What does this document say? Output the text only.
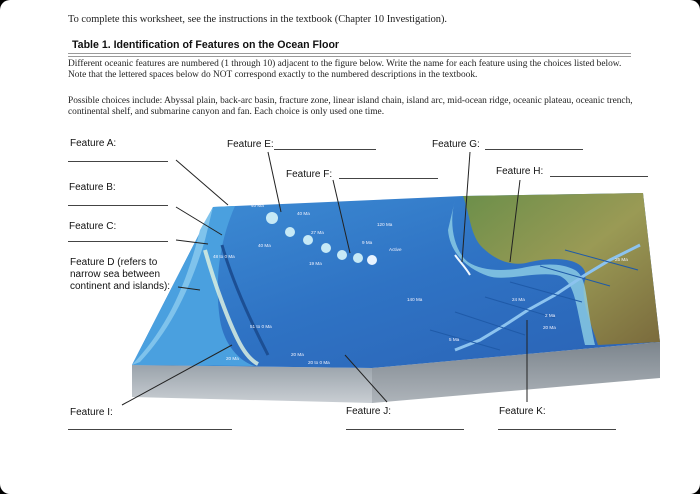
To complete this worksheet, see the instructions in the textbook (Chapter 10 Investigation).
Table 1. Identification of Features on the Ocean Floor
Different oceanic features are numbered (1 through 10) adjacent to the figure below. Write the name for each feature using the choices listed below. Note that the lettered spaces below do NOT correspond exactly to the numbered descriptions in the textbook.
Possible choices include: Abyssal plain, back-arc basin, fracture zone, linear island chain, island arc, mid-ocean ridge, oceanic plateau, oceanic trench, continental shelf, and submarine canyon and fan. Each choice is only used one time.
40 Ma
40 Ma
27 Ma
40 Ma
19 Ma
9 Ma
120 Ma
Active
48 to 0 Ma
51 to 0 Ma
20 Ma
20 Ma
20 to 0 Ma
140 Ma
5 Ma
25 Ma
24 Ma
2 Ma
20 Ma
Feature A:
Feature B:
Feature C:
Feature D (refers to narrow sea between continent and islands):
Feature E:
Feature F:
Feature G:
Feature H:
Feature I:	Feature J:	Feature K:
